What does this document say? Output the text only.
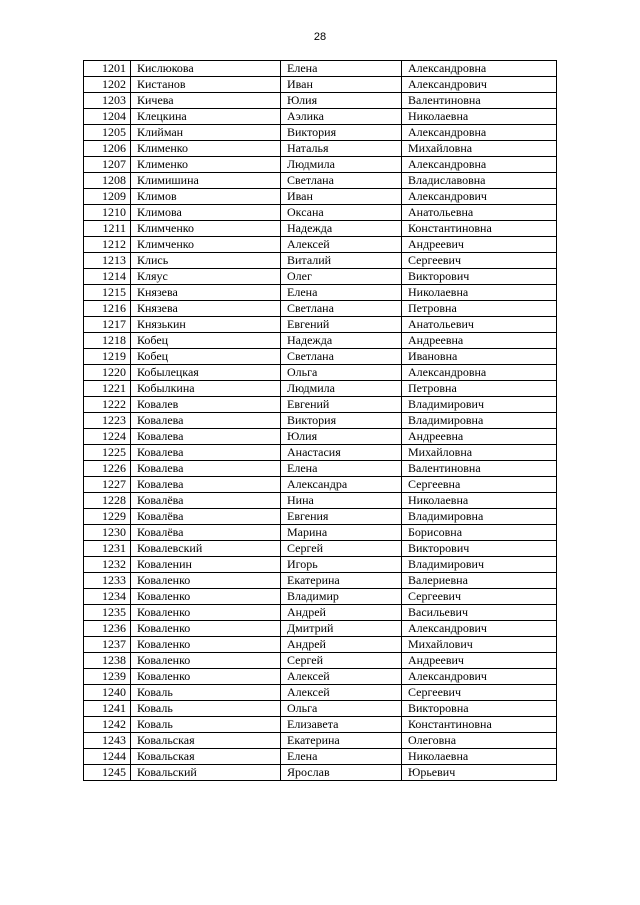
28
1201	Кислюкова	Елена	Александровна
1202	Кистанов	Иван	Александрович
1203	Кичева	Юлия	Валентиновна
1204	Клецкина	Аэлика	Николаевна
1205	Клийман	Виктория	Александровна
1206	Клименко	Наталья	Михайловна
1207	Клименко	Людмила	Александровна
1208	Климишина	Светлана	Владиславовна
1209	Климов	Иван	Александрович
1210	Климова	Оксана	Анатольевна
1211	Климченко	Надежда	Константиновна
1212	Климченко	Алексей	Андреевич
1213	Клись	Виталий	Сергеевич
1214	Кляус	Олег	Викторович
1215	Князева	Елена	Николаевна
1216	Князева	Светлана	Петровна
1217	Князькин	Евгений	Анатольевич
1218	Кобец	Надежда	Андреевна
1219	Кобец	Светлана	Ивановна
1220	Кобылецкая	Ольга	Александровна
1221	Кобылкина	Людмила	Петровна
1222	Ковалев	Евгений	Владимирович
1223	Ковалева	Виктория	Владимировна
1224	Ковалева	Юлия	Андреевна
1225	Ковалева	Анастасия	Михайловна
1226	Ковалева	Елена	Валентиновна
1227	Ковалева	Александра	Сергеевна
1228	Ковалёва	Нина	Николаевна
1229	Ковалёва	Евгения	Владимировна
1230	Ковалёва	Марина	Борисовна
1231	Ковалевский	Сергей	Викторович
1232	Коваленин	Игорь	Владимирович
1233	Коваленко	Екатерина	Валериевна
1234	Коваленко	Владимир	Сергеевич
1235	Коваленко	Андрей	Васильевич
1236	Коваленко	Дмитрий	Александрович
1237	Коваленко	Андрей	Михайлович
1238	Коваленко	Сергей	Андреевич
1239	Коваленко	Алексей	Александрович
1240	Коваль	Алексей	Сергеевич
1241	Коваль	Ольга	Викторовна
1242	Коваль	Елизавета	Константиновна
1243	Ковальская	Екатерина	Олеговна
1244	Ковальская	Елена	Николаевна
1245	Ковальский	Ярослав	Юрьевич
